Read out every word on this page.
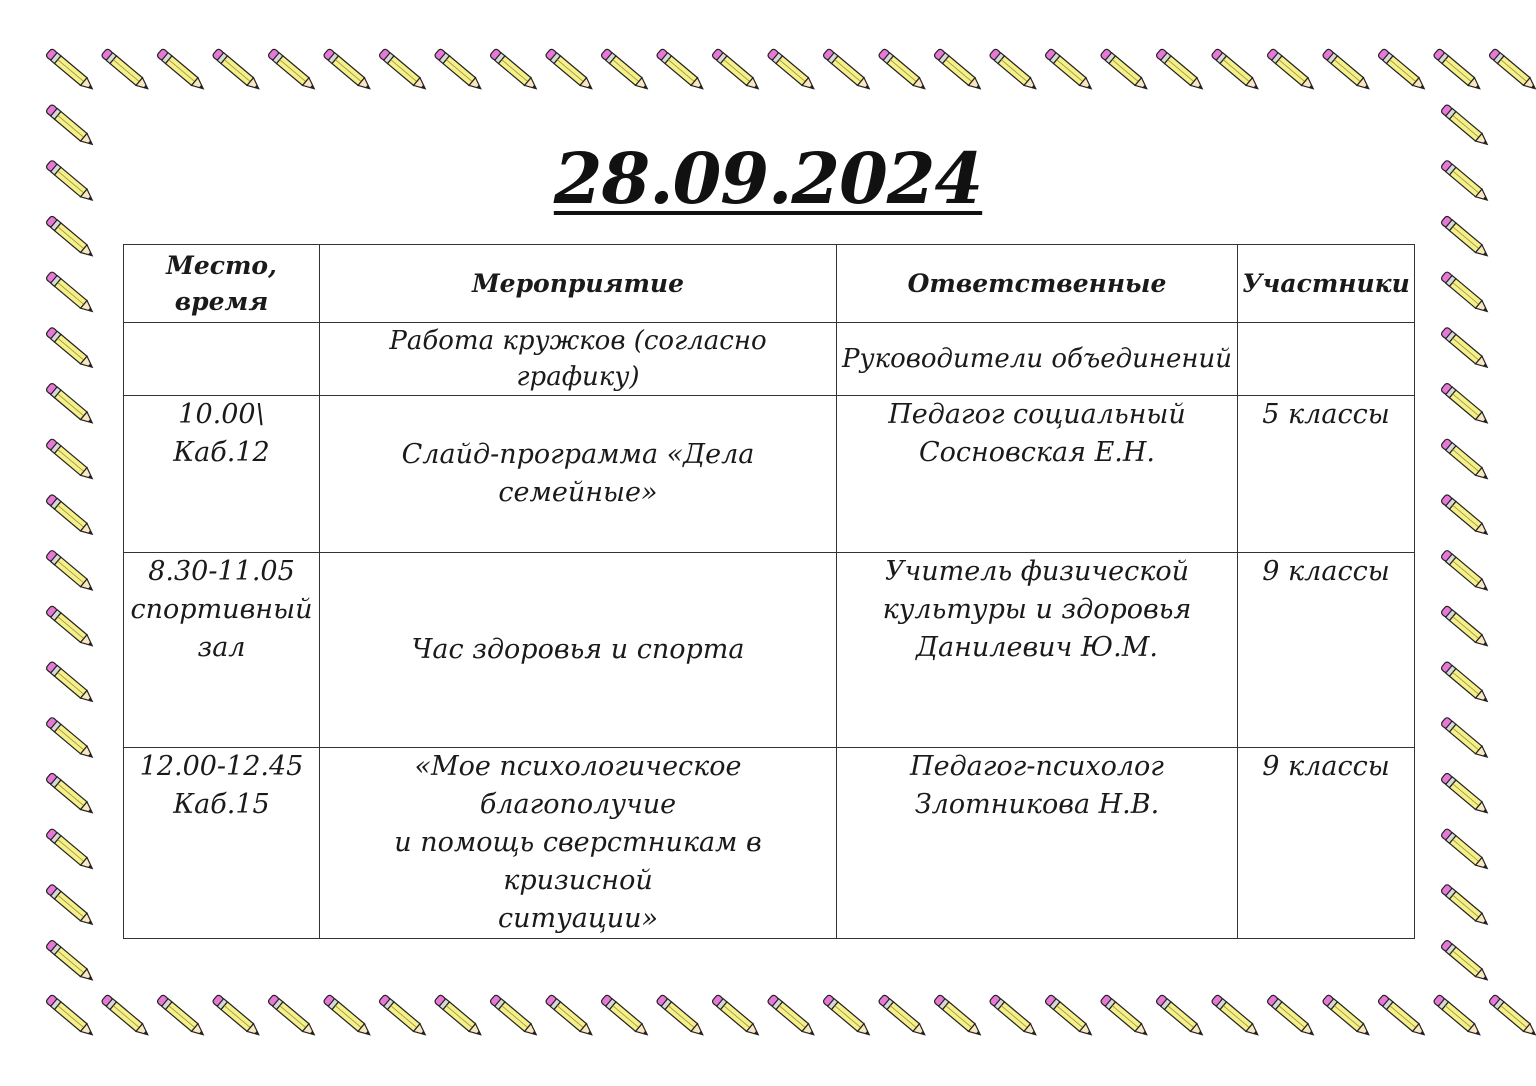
28.09.2024
Место,
время	Мероприятие	Ответственные	Участники

	Работа кружков (согласно графику)	Руководители объединений	

10.00\
Каб.12	Слайд-программа «Дела семейные»	Педагог социальный
Сосновская Е.Н.	5 классы

8.30-11.05
спортивный
зал	Час здоровья и спорта	Учитель физической
культуры и здоровья
Данилевич Ю.М.	9 классы

12.00-12.45
Каб.15	«Мое психологическое благополучие
и помощь сверстникам в кризисной
ситуации»	Педагог-психолог
Злотникова Н.В.	9 классы
